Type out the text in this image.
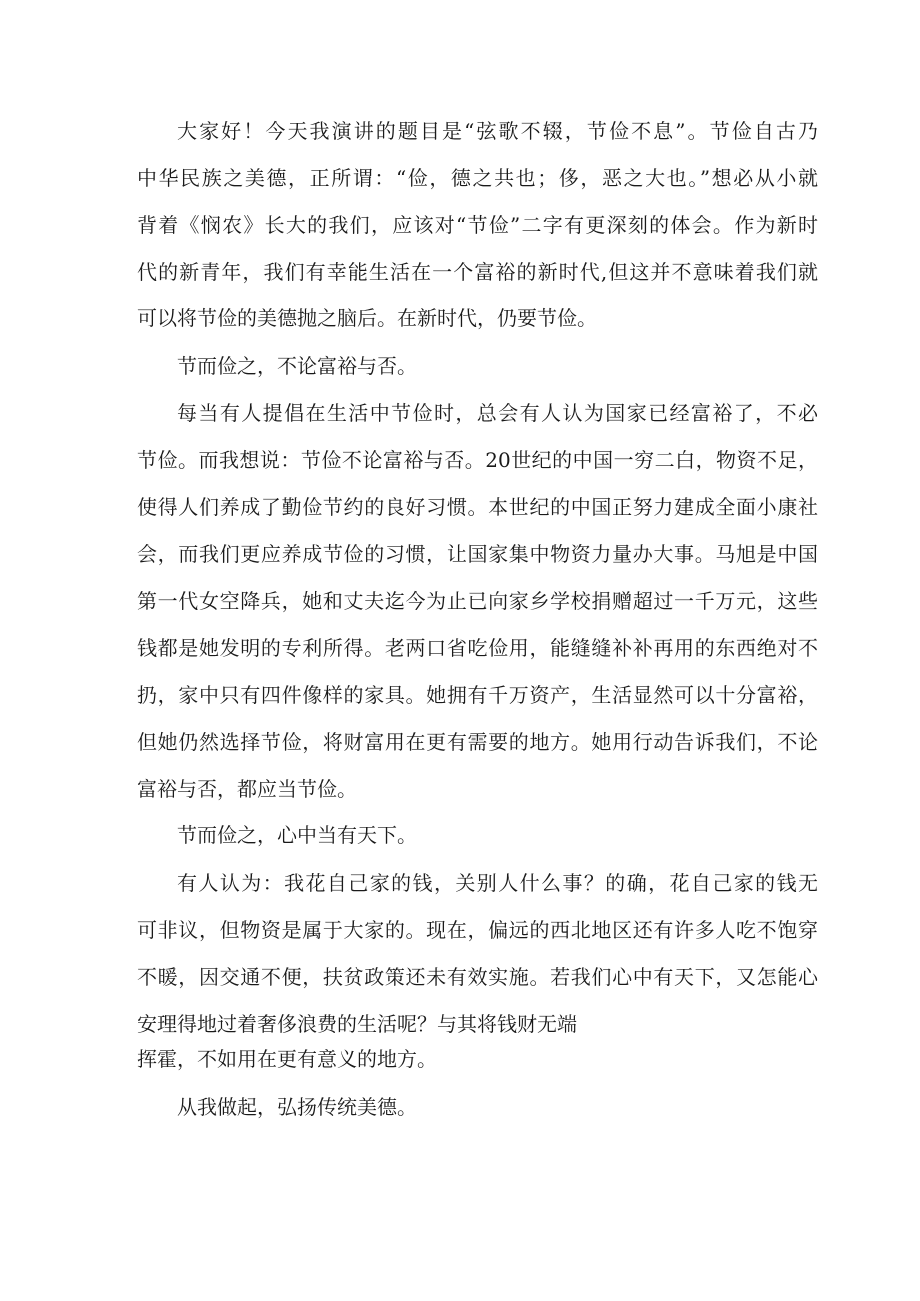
大家好！今天我演讲的题目是“弦歌不辍，节俭不息”。节俭自古乃
中华民族之美德，正所谓：“俭，德之共也；侈，恶之大也。”想必从小就
背着《悯农》长大的我们，应该对“节俭”二字有更深刻的体会。作为新时
代的新青年，我们有幸能生活在一个富裕的新时代,但这并不意味着我们就
可以将节俭的美德抛之脑后。在新时代，仍要节俭。
节而俭之，不论富裕与否。
每当有人提倡在生活中节俭时，总会有人认为国家已经富裕了，不必
节俭。而我想说：节俭不论富裕与否。20世纪的中国一穷二白，物资不足，
使得人们养成了勤俭节约的良好习惯。本世纪的中国正努力建成全面小康社
会，而我们更应养成节俭的习惯，让国家集中物资力量办大事。马旭是中国
第一代女空降兵，她和丈夫迄今为止已向家乡学校捐赠超过一千万元，这些
钱都是她发明的专利所得。老两口省吃俭用，能缝缝补补再用的东西绝对不
扔，家中只有四件像样的家具。她拥有千万资产，生活显然可以十分富裕，
但她仍然选择节俭，将财富用在更有需要的地方。她用行动告诉我们，不论
富裕与否，都应当节俭。
节而俭之，心中当有天下。
有人认为：我花自己家的钱，关别人什么事？的确，花自己家的钱无
可非议，但物资是属于大家的。现在，偏远的西北地区还有许多人吃不饱穿
不暖，因交通不便，扶贫政策还未有效实施。若我们心中有天下，又怎能心
安理得地过着奢侈浪费的生活呢？与其将钱财无端
挥霍，不如用在更有意义的地方。
从我做起，弘扬传统美德。
